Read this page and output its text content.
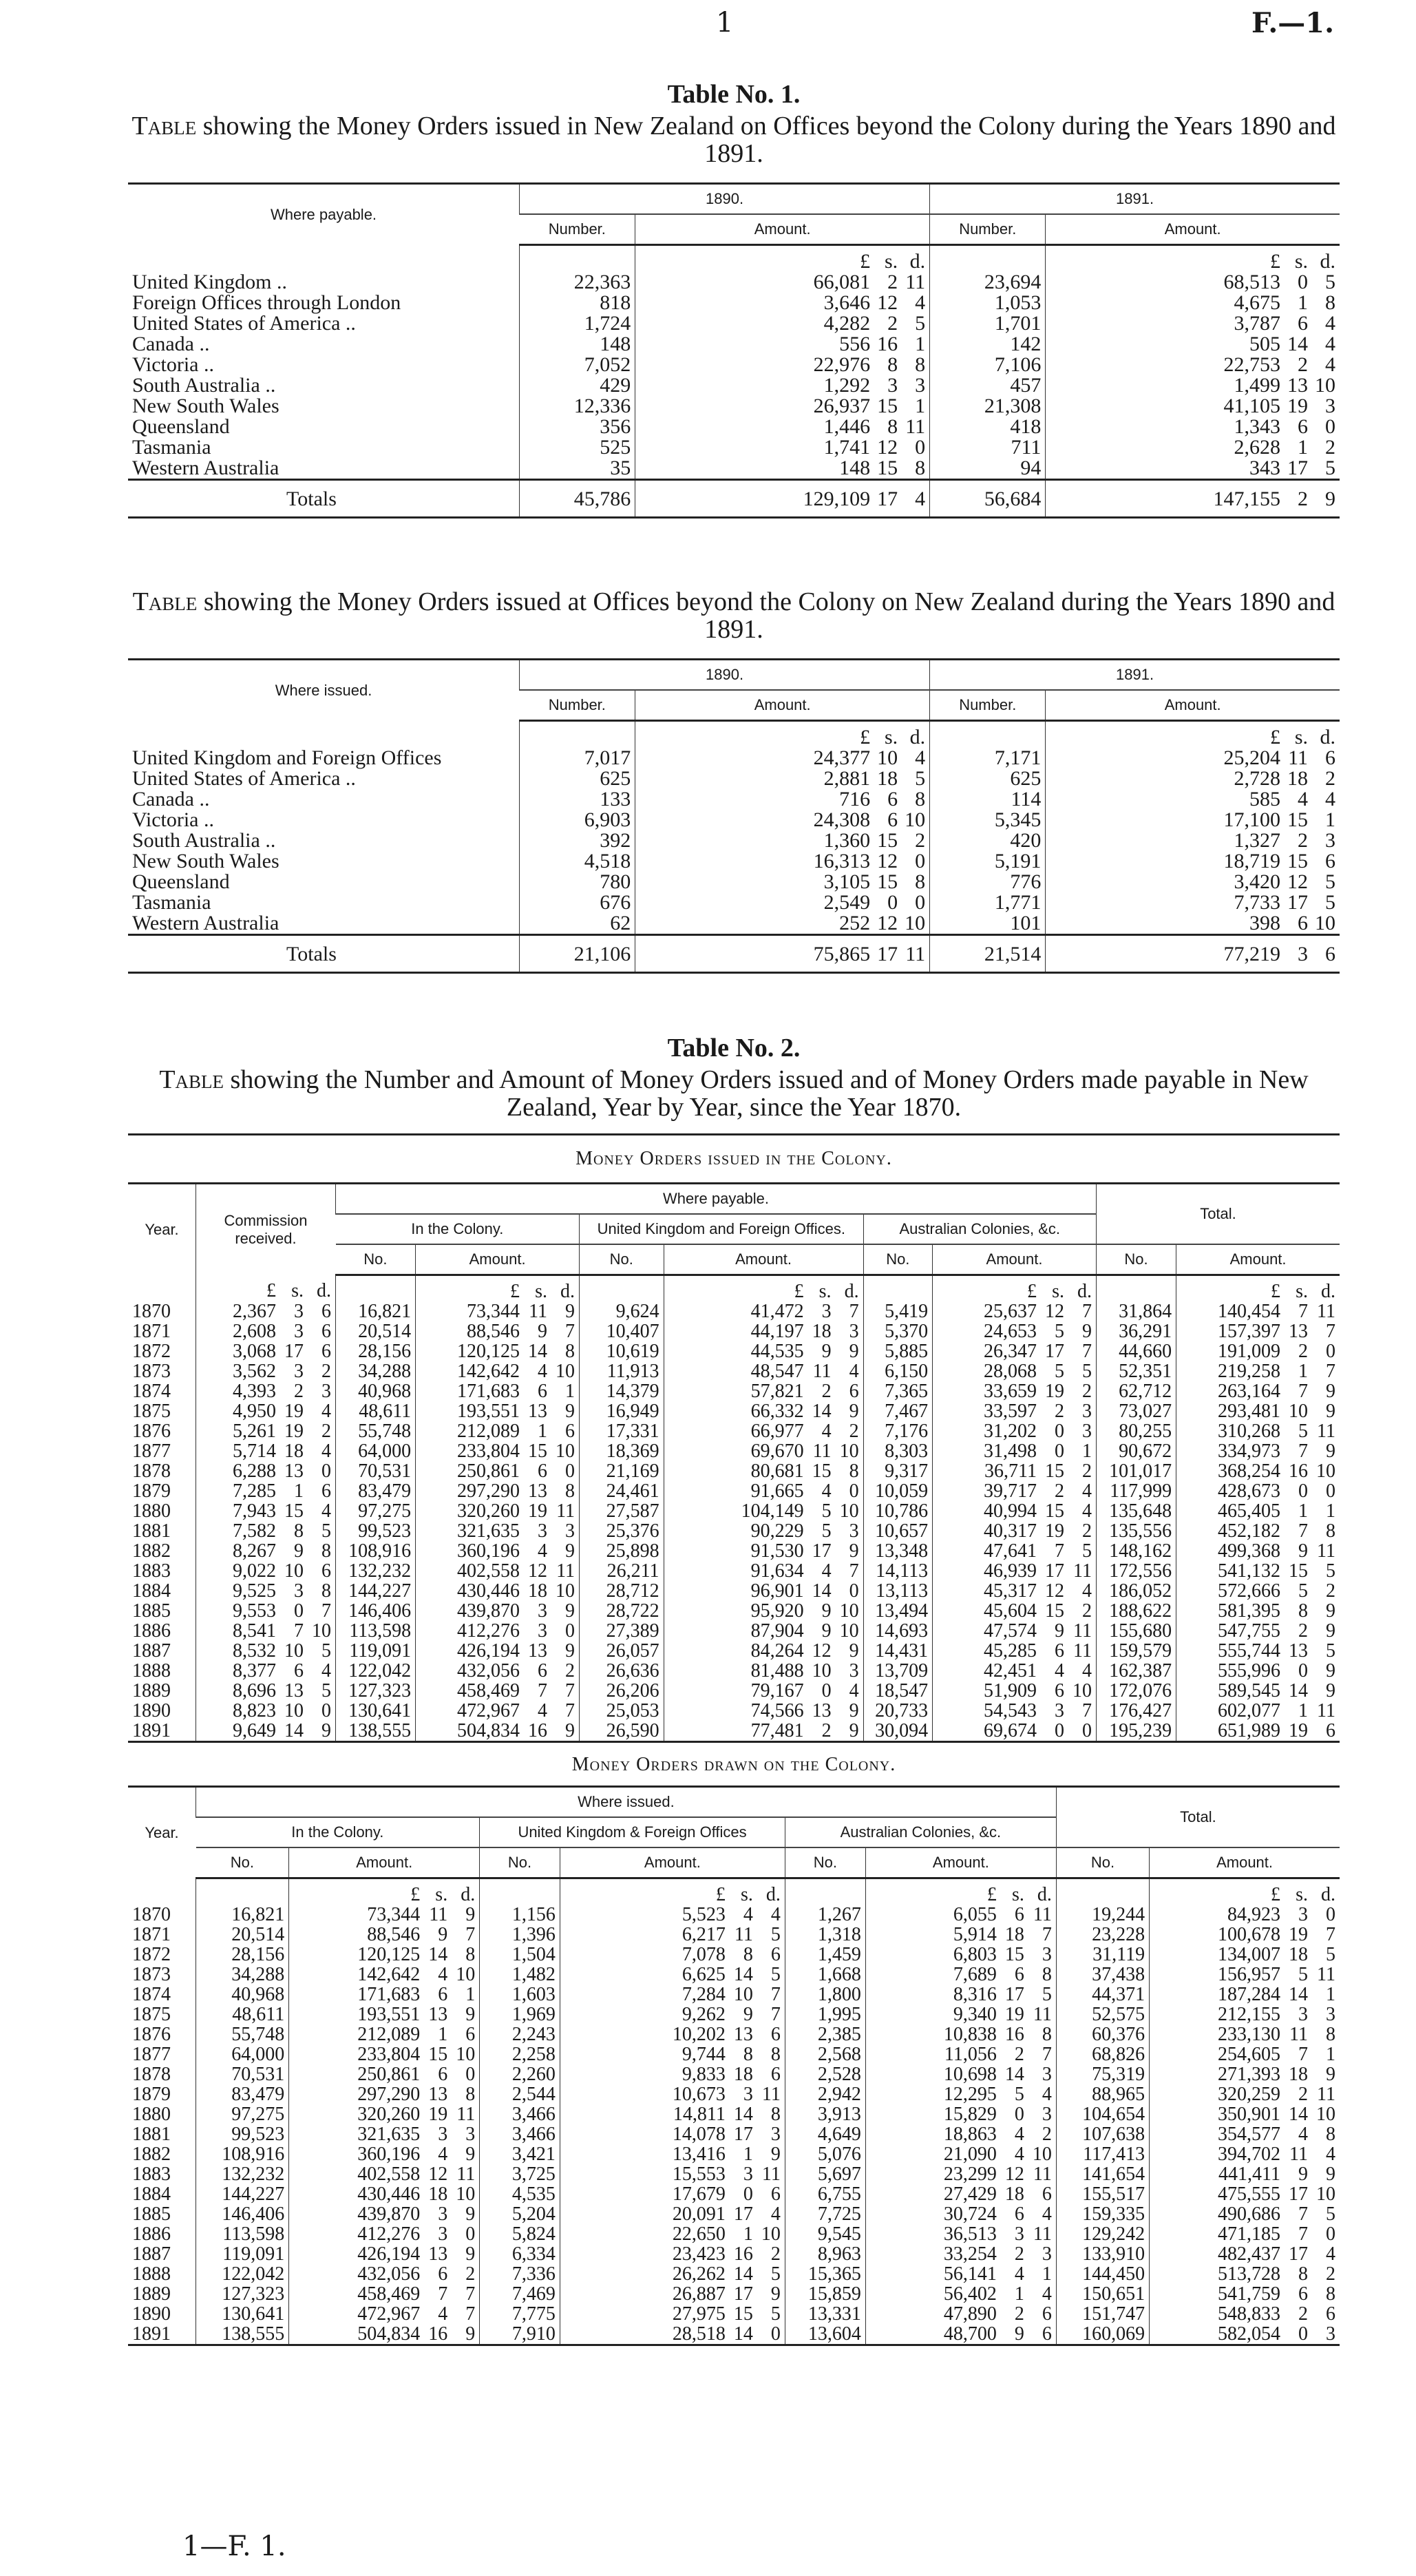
1	F.—1.

Table No. 1.

Table showing the Money Orders issued in New Zealand on Offices beyond the Colony during the Years 1890 and 1891.

Where payable.	1890.		1891.	
	Number.	Amount.	Number.	Amount.

		£ s. d.		£ s. d.

United Kingdom ..	22,363	66,081 2 11	23,694	68,513 0 5

Foreign Offices through London	818	3,646 12 4	1,053	4,675 1 8

United States of America ..	1,724	4,282 2 5	1,701	3,787 6 4

Canada ..	148	556 16 1	142	505 14 4

Victoria ..	7,052	22,976 8 8	7,106	22,753 2 4

South Australia ..	429	1,292 3 3	457	1,499 13 10

New South Wales	12,336	26,937 15 1	21,308	41,105 19 3

Queensland	356	1,446 8 11	418	1,343 6 0

Tasmania	525	1,741 12 0	711	2,628 1 2

Western Australia	35	148 15 8	94	343 17 5

Totals	45,786	129,109 17 4	56,684	147,155 2 9

Table showing the Money Orders issued at Offices beyond the Colony on New Zealand during the Years 1890 and 1891.

Where issued.	1890.		1891.	
	Number.	Amount.	Number.	Amount.

		£ s. d.		£ s. d.

United Kingdom and Foreign Offices	7,017	24,377 10 4	7,171	25,204 11 6

United States of America ..	625	2,881 18 5	625	2,728 18 2

Canada ..	133	716 6 8	114	585 4 4

Victoria ..	6,903	24,308 6 10	5,345	17,100 15 1

South Australia ..	392	1,360 15 2	420	1,327 2 3

New South Wales	4,518	16,313 12 0	5,191	18,719 15 6

Queensland	780	3,105 15 8	776	3,420 12 5

Tasmania	676	2,549 0 0	1,771	7,733 17 5

Western Australia	62	252 12 10	101	398 6 10

Totals	21,106	75,865 17 11	21,514	77,219 3 6

Table No. 2.

Table showing the Number and Amount of Money Orders issued and of Money Orders made payable in New Zealand, Year by Year, since the Year 1870.

Money Orders issued in the Colony.

Year.	Commission received.	Where payable.						Total.	
		In the Colony.		United Kingdom and Foreign Offices.		Australian Colonies, &c.			
		No.	Amount.	No.	Amount.	No.	Amount.	No.	Amount.

	£ s. d.		£ s. d.		£ s. d.		£ s. d.		£ s. d.

1870	2,367 3 6	16,821	73,344 11 9	9,624	41,472 3 7	5,419	25,637 12 7	31,864	140,454 7 11

1871	2,608 3 6	20,514	88,546 9 7	10,407	44,197 18 3	5,370	24,653 5 9	36,291	157,397 13 7

1872	3,068 17 6	28,156	120,125 14 8	10,619	44,535 9 9	5,885	26,347 17 7	44,660	191,009 2 0

1873	3,562 3 2	34,288	142,642 4 10	11,913	48,547 11 4	6,150	28,068 5 5	52,351	219,258 1 7

1874	4,393 2 3	40,968	171,683 6 1	14,379	57,821 2 6	7,365	33,659 19 2	62,712	263,164 7 9

1875	4,950 19 4	48,611	193,551 13 9	16,949	66,332 14 9	7,467	33,597 2 3	73,027	293,481 10 9

1876	5,261 19 2	55,748	212,089 1 6	17,331	66,977 4 2	7,176	31,202 0 3	80,255	310,268 5 11

1877	5,714 18 4	64,000	233,804 15 10	18,369	69,670 11 10	8,303	31,498 0 1	90,672	334,973 7 9

1878	6,288 13 0	70,531	250,861 6 0	21,169	80,681 15 8	9,317	36,711 15 2	101,017	368,254 16 10

1879	7,285 1 6	83,479	297,290 13 8	24,461	91,665 4 0	10,059	39,717 2 4	117,999	428,673 0 0

1880	7,943 15 4	97,275	320,260 19 11	27,587	104,149 5 10	10,786	40,994 15 4	135,648	465,405 1 1

1881	7,582 8 5	99,523	321,635 3 3	25,376	90,229 5 3	10,657	40,317 19 2	135,556	452,182 7 8

1882	8,267 9 8	108,916	360,196 4 9	25,898	91,530 17 9	13,348	47,641 7 5	148,162	499,368 9 11

1883	9,022 10 6	132,232	402,558 12 11	26,211	91,634 4 7	14,113	46,939 17 11	172,556	541,132 15 5

1884	9,525 3 8	144,227	430,446 18 10	28,712	96,901 14 0	13,113	45,317 12 4	186,052	572,666 5 2

1885	9,553 0 7	146,406	439,870 3 9	28,722	95,920 9 10	13,494	45,604 15 2	188,622	581,395 8 9

1886	8,541 7 10	113,598	412,276 3 0	27,389	87,904 9 10	14,693	47,574 9 11	155,680	547,755 2 9

1887	8,532 10 5	119,091	426,194 13 9	26,057	84,264 12 9	14,431	45,285 6 11	159,579	555,744 13 5

1888	8,377 6 4	122,042	432,056 6 2	26,636	81,488 10 3	13,709	42,451 4 4	162,387	555,996 0 9

1889	8,696 13 5	127,323	458,469 7 7	26,206	79,167 0 4	18,547	51,909 6 10	172,076	589,545 14 9

1890	8,823 10 0	130,641	472,967 4 7	25,053	74,566 13 9	20,733	54,543 3 7	176,427	602,077 1 11

1891	9,649 14 9	138,555	504,834 16 9	26,590	77,481 2 9	30,094	69,674 0 0	195,239	651,989 19 6

Money Orders drawn on the Colony.

Year.	Where issued.						Total.	
	In the Colony.		United Kingdom & Foreign Offices		Australian Colonies, &c.			
	No.	Amount.	No.	Amount.	No.	Amount.	No.	Amount.

		£ s. d.		£ s. d.		£ s. d.		£ s. d.

1870	16,821	73,344 11 9	1,156	5,523 4 4	1,267	6,055 6 11	19,244	84,923 3 0

1871	20,514	88,546 9 7	1,396	6,217 11 5	1,318	5,914 18 7	23,228	100,678 19 7

1872	28,156	120,125 14 8	1,504	7,078 8 6	1,459	6,803 15 3	31,119	134,007 18 5

1873	34,288	142,642 4 10	1,482	6,625 14 5	1,668	7,689 6 8	37,438	156,957 5 11

1874	40,968	171,683 6 1	1,603	7,284 10 7	1,800	8,316 17 5	44,371	187,284 14 1

1875	48,611	193,551 13 9	1,969	9,262 9 7	1,995	9,340 19 11	52,575	212,155 3 3

1876	55,748	212,089 1 6	2,243	10,202 13 6	2,385	10,838 16 8	60,376	233,130 11 8

1877	64,000	233,804 15 10	2,258	9,744 8 8	2,568	11,056 2 7	68,826	254,605 7 1

1878	70,531	250,861 6 0	2,260	9,833 18 6	2,528	10,698 14 3	75,319	271,393 18 9

1879	83,479	297,290 13 8	2,544	10,673 3 11	2,942	12,295 5 4	88,965	320,259 2 11

1880	97,275	320,260 19 11	3,466	14,811 14 8	3,913	15,829 0 3	104,654	350,901 14 10

1881	99,523	321,635 3 3	3,466	14,078 17 3	4,649	18,863 4 2	107,638	354,577 4 8

1882	108,916	360,196 4 9	3,421	13,416 1 9	5,076	21,090 4 10	117,413	394,702 11 4

1883	132,232	402,558 12 11	3,725	15,553 3 11	5,697	23,299 12 11	141,654	441,411 9 9

1884	144,227	430,446 18 10	4,535	17,679 0 6	6,755	27,429 18 6	155,517	475,555 17 10

1885	146,406	439,870 3 9	5,204	20,091 17 4	7,725	30,724 6 4	159,335	490,686 7 5

1886	113,598	412,276 3 0	5,824	22,650 1 10	9,545	36,513 3 11	129,242	471,185 7 0

1887	119,091	426,194 13 9	6,334	23,423 16 2	8,963	33,254 2 3	133,910	482,437 17 4

1888	122,042	432,056 6 2	7,336	26,262 14 5	15,365	56,141 4 1	144,450	513,728 8 2

1889	127,323	458,469 7 7	7,469	26,887 17 9	15,859	56,402 1 4	150,651	541,759 6 8

1890	130,641	472,967 4 7	7,775	27,975 15 5	13,331	47,890 2 6	151,747	548,833 2 6

1891	138,555	504,834 16 9	7,910	28,518 14 0	13,604	48,700 9 6	160,069	582,054 0 3
1—F. 1.
